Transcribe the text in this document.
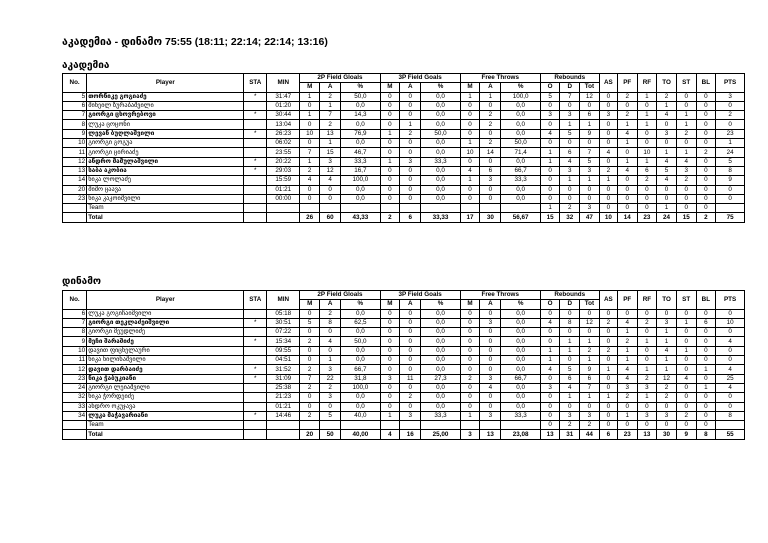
აკადემია - დინამო 75:55 (18:11; 22:14; 22:14; 13:16)
აკადემია
No.	Player	STA	MIN	2P Field Gloals			3P Field Goals			Free Throws			Rebounds			AS	PF	RF	TO	ST	BL	PTS
				M	A	%	M	A	%	M	A	%	O	D	Tot							
5	თორნიკე გოგიაძე	*	31:47	1	2	50,0	0	0	0,0	1	1	100,0	5	7	12	0	2	1	2	0	0	3
6	მიხეილ ზურაბაშვილი		01:20	0	1	0,0	0	0	0,0	0	0	0,0	0	0	0	0	0	0	1	0	0	0
7	გიორგი ცხოვრებოვი	*	30:44	1	7	14,3	0	0	0,0	0	2	0,0	3	3	6	3	2	1	4	1	0	2
8	ლუკა ცოცონი		13:04	0	2	0,0	0	1	0,0	0	2	0,0	0	1	1	0	1	1	0	1	0	0
9	ლევან ბუღლაშვილი	*	26:23	10	13	76,9	1	2	50,0	0	0	0,0	4	5	9	0	4	0	3	2	0	23
10	გიორგი გოგუა		06:02	0	1	0,0	0	0	0,0	1	2	50,0	0	0	0	0	1	0	0	0	0	1
11	გიორგი ცირიაძე		23:55	7	15	46,7	0	0	0,0	10	14	71,4	1	6	7	4	0	10	1	1	2	24
12	ანდრო მამულაშვილი	*	20:22	1	3	33,3	1	3	33,3	0	0	0,0	1	4	5	0	1	1	4	4	0	5
13	საბა აკობია	*	29:03	2	12	16,7	0	0	0,0	4	6	66,7	0	3	3	2	4	6	5	3	0	8
14	ნიკა ლოლაძე		15:59	4	4	100,0	0	0	0,0	1	3	33,3	0	1	1	1	0	2	4	2	0	9
20	მიშო ცაავა		01:21	0	0	0,0	0	0	0,0	0	0	0,0	0	0	0	0	0	0	0	0	0	0
23	ნიკა კაკოიშვილი		00:00	0	0	0,0	0	0	0,0	0	0	0,0	0	0	0	0	0	0	0	0	0	0
	Team												1	2	3	0	0	0	1	0	0	
	Total			26	60	43,33	2	6	33,33	17	30	56,67	15	32	47	10	14	23	24	15	2	75
დინამო
No.	Player	STA	MIN	2P Field Gloals			3P Field Goals			Free Throws			Rebounds			AS	PF	RF	TO	ST	BL	PTS
				M	A	%	M	A	%	M	A	%	O	D	Tot							
6	ლუკა გოგიჩაიშვილი		05:18	0	2	0,0	0	0	0,0	0	0	0,0	0	0	0	0	0	0	0	0	0	0
7	გიორგი თეკლაძეიშვილი	*	30:51	5	8	62,5	0	0	0,0	0	3	0,0	4	8	12	2	4	2	3	1	6	10
8	გიორგი მეუდლიძე		07:22	0	0	0,0	0	0	0,0	0	0	0,0	0	0	0	0	1	0	1	0	0	0
9	მეჩი შარაშიძე	*	15:34	2	4	50,0	0	0	0,0	0	0	0,0	0	1	1	0	2	1	1	0	0	4
10	დავით ფიცხელაური		09:55	0	0	0,0	0	0	0,0	0	0	0,0	1	1	2	2	1	0	4	1	0	0
11	ნიკა ხილიხაშვილი		04:51	0	1	0,0	0	0	0,0	0	0	0,0	1	0	1	0	1	0	1	0	0	0
12	დავით დარბაიძე	*	31:52	2	3	66,7	0	0	0,0	0	0	0,0	4	5	9	1	4	1	1	0	1	4
23	ნიკა ჭაბუკიანი	*	31:09	7	22	31,8	3	11	27,3	2	3	66,7	0	6	6	0	4	2	12	4	0	25
24	გიორგი ლეიაშვილი		25:38	2	2	100,0	0	0	0,0	0	4	0,0	3	4	7	0	3	3	2	0	1	4
32	ნიკა ჭორდეიძე		21:23	0	3	0,0	0	2	0,0	0	0	0,0	0	1	1	1	2	1	2	0	0	0
33	ანდრო ოკუჯავა		01:21	0	0	0,0	0	0	0,0	0	0	0,0	0	0	0	0	0	0	0	0	0	0
34	ლუკა მაჭავარიანი	*	14:46	2	5	40,0	1	3	33,3	1	3	33,3	0	3	3	0	1	3	3	2	0	8
	Team												0	2	2	0	0	0	0	0	0	
	Total			20	50	40,00	4	16	25,00	3	13	23,08	13	31	44	6	23	13	30	9	8	55
